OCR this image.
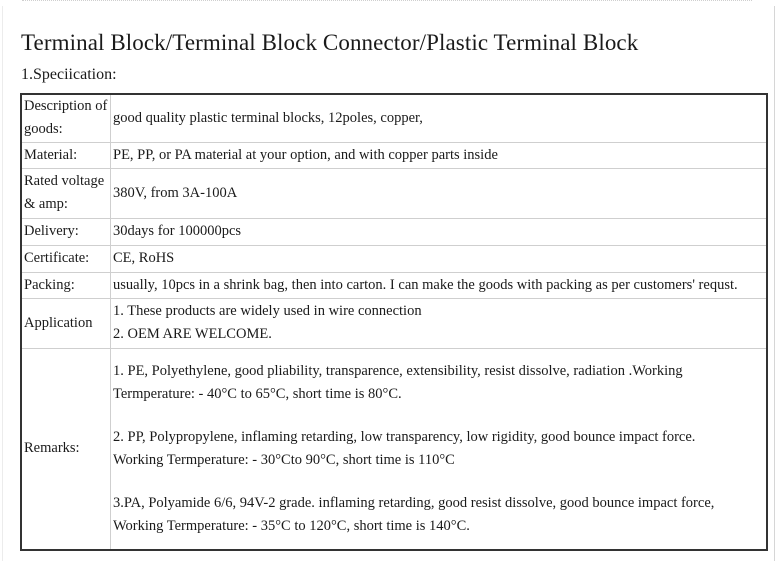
Terminal Block/Terminal Block Connector/Plastic Terminal Block
1.Speciication:
Description of goods:	good quality plastic terminal blocks, 12poles, copper,
Material:	PE, PP, or PA material at your option, and with copper parts inside
Rated voltage & amp:	380V, from 3A-100A
Delivery:	30days for 100000pcs
Certificate:	CE, RoHS
Packing:	usually, 10pcs in a shrink bag, then into carton. I can make the goods with packing as per customers' requst.
Application	1. These products are widely used in wire connection
2. OEM ARE WELCOME.

Remarks:	1. PE, Polyethylene, good pliability, transparence, extensibility, resist dissolve, radiation .Working Termperature: - 40°C to 65°C, short time is 80°C.
2. PP, Polypropylene, inflaming retarding, low transparency, low rigidity, good bounce impact force. Working Termperature: - 30°Cto 90°C, short time is 110°C
3.PA, Polyamide 6/6, 94V-2 grade. inflaming retarding, good resist dissolve, good bounce impact force, Working Termperature: - 35°C to 120°C, short time is 140°C.
